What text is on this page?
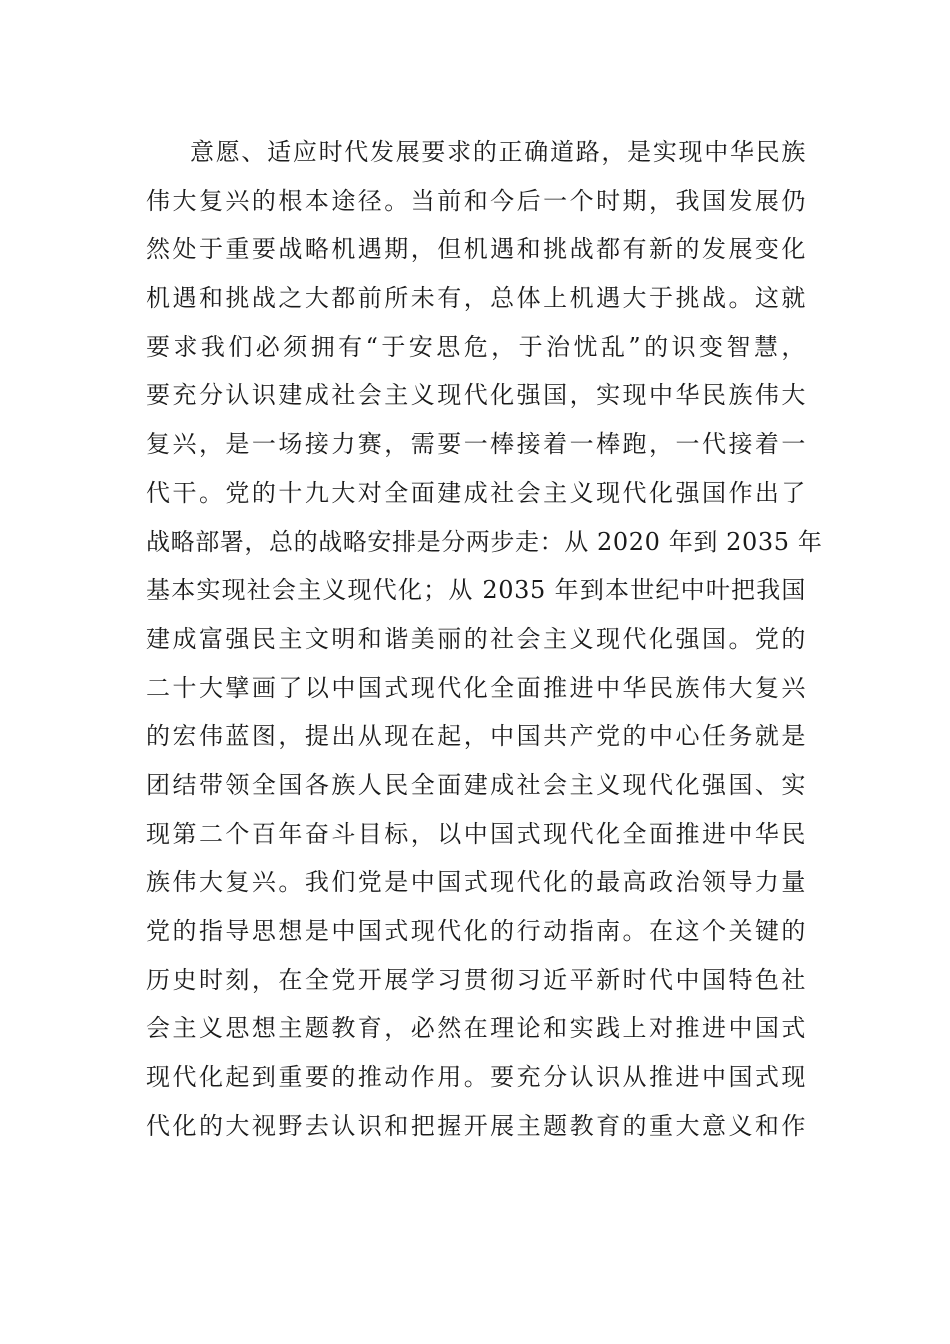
意愿、适应时代发展要求的正确道路，是实现中华民族
伟大复兴的根本途径。当前和今后一个时期，我国发展仍
然处于重要战略机遇期，但机遇和挑战都有新的发展变化
机遇和挑战之大都前所未有，总体上机遇大于挑战。这就
要求我们必须拥有“于安思危，于治忧乱”的识变智慧，
要充分认识建成社会主义现代化强国，实现中华民族伟大
复兴，是一场接力赛，需要一棒接着一棒跑，一代接着一
代干。党的十九大对全面建成社会主义现代化强国作出了
战略部署，总的战略安排是分两步走：从 2020 年到 2035 年
基本实现社会主义现代化；从 2035 年到本世纪中叶把我国
建成富强民主文明和谐美丽的社会主义现代化强国。党的
二十大擘画了以中国式现代化全面推进中华民族伟大复兴
的宏伟蓝图，提出从现在起，中国共产党的中心任务就是
团结带领全国各族人民全面建成社会主义现代化强国、实
现第二个百年奋斗目标，以中国式现代化全面推进中华民
族伟大复兴。我们党是中国式现代化的最高政治领导力量
党的指导思想是中国式现代化的行动指南。在这个关键的
历史时刻，在全党开展学习贯彻习近平新时代中国特色社
会主义思想主题教育，必然在理论和实践上对推进中国式
现代化起到重要的推动作用。要充分认识从推进中国式现
代化的大视野去认识和把握开展主题教育的重大意义和作
